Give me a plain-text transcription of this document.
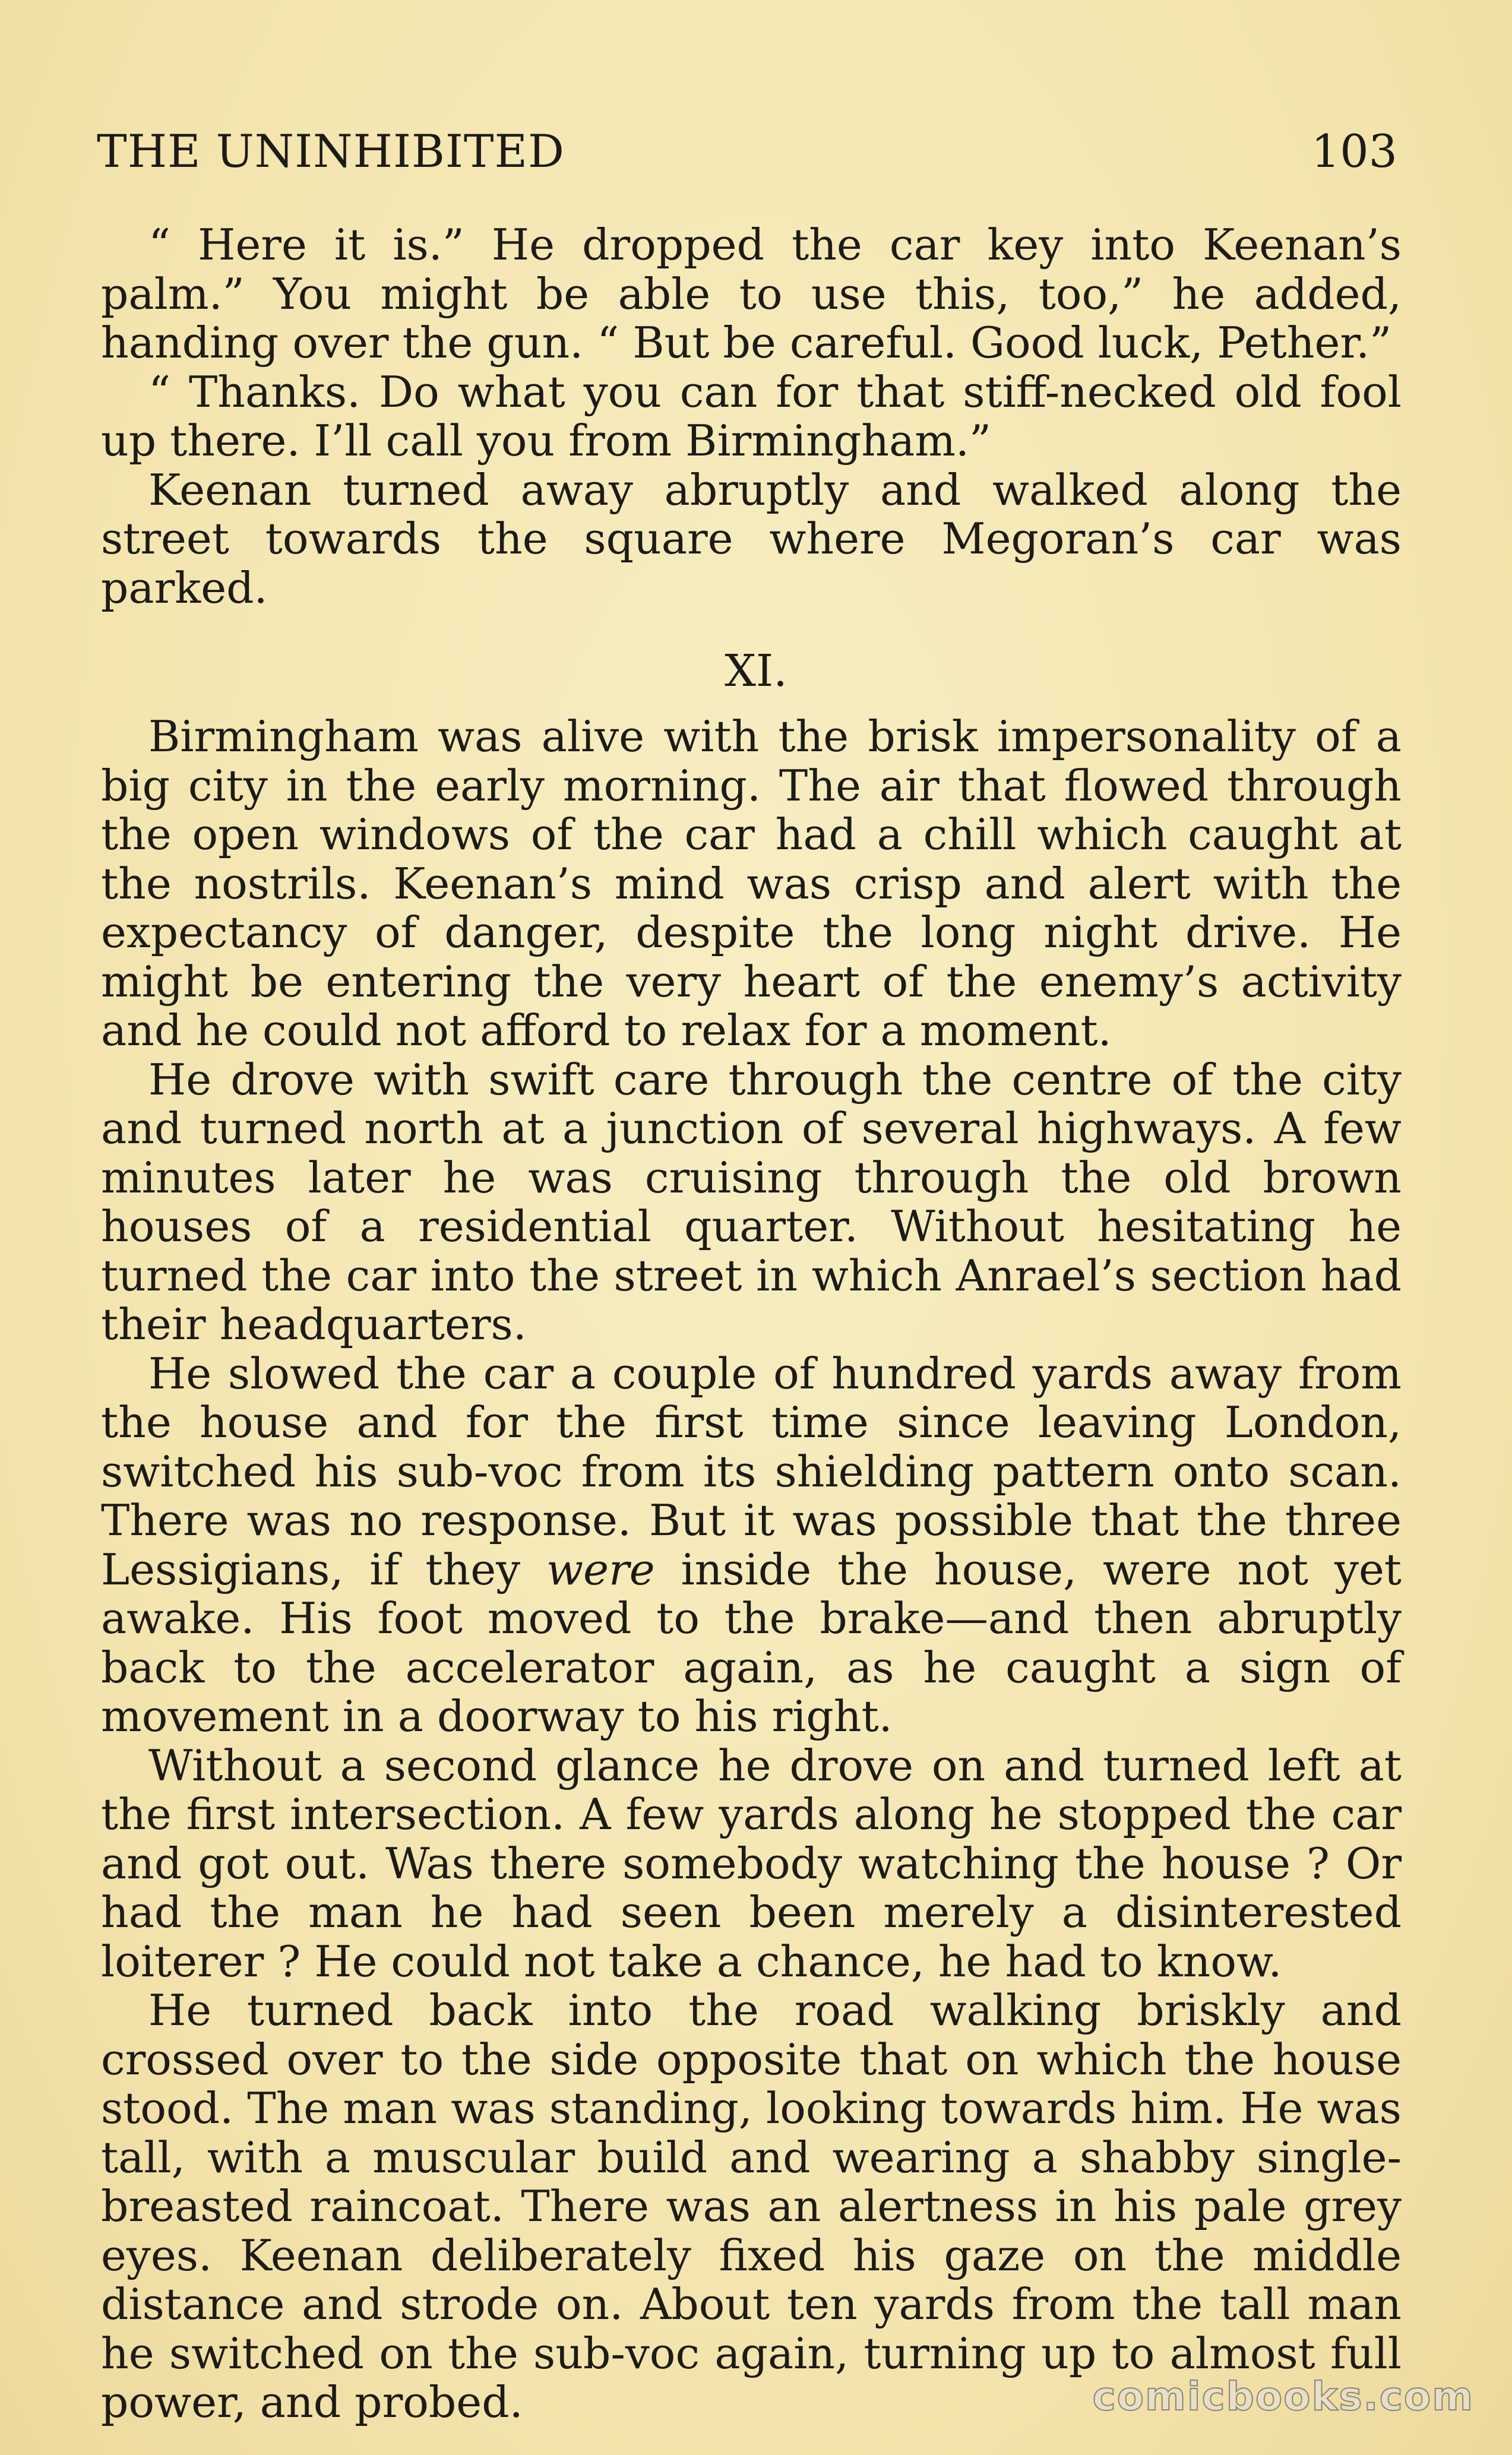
THE UNINHIBITED	103

“ Here it is.” He dropped the car key into Keenan’s palm.” You might be able to use this, too,” he added, handing over the gun. “ But be careful. Good luck, Pether.”

“ Thanks. Do what you can for that stiff-necked old fool up there. I’ll call you from Birmingham.”

Keenan turned away abruptly and walked along the street towards the square where Megoran’s car was parked.

XI.

Birmingham was alive with the brisk impersonality of a big city in the early morning. The air that flowed through the open windows of the car had a chill which caught at the nostrils. Keenan’s mind was crisp and alert with the expectancy of danger, despite the long night drive. He might be entering the very heart of the enemy’s activity and he could not afford to relax for a moment.

He drove with swift care through the centre of the city and turned north at a junction of several highways. A few minutes later he was cruising through the old brown houses of a residential quarter. Without hesitating he turned the car into the street in which Anrael’s section had their headquarters.

He slowed the car a couple of hundred yards away from the house and for the first time since leaving London, switched his sub-voc from its shielding pattern onto scan. There was no response. But it was possible that the three Lessigians, if they were inside the house, were not yet awake. His foot moved to the brake—and then abruptly back to the accelerator again, as he caught a sign of movement in a doorway to his right.

Without a second glance he drove on and turned left at the first intersection. A few yards along he stopped the car and got out. Was there somebody watching the house ? Or had the man he had seen been merely a disinterested loiterer ? He could not take a chance, he had to know.

He turned back into the road walking briskly and crossed over to the side opposite that on which the house stood. The man was standing, looking towards him. He was tall, with a muscular build and wearing a shabby single-breasted raincoat. There was an alertness in his pale grey eyes. Keenan deliberately fixed his gaze on the middle distance and strode on. About ten yards from the tall man he switched on the sub-voc again, turning up to almost full power, and probed.	comicbooks.com
